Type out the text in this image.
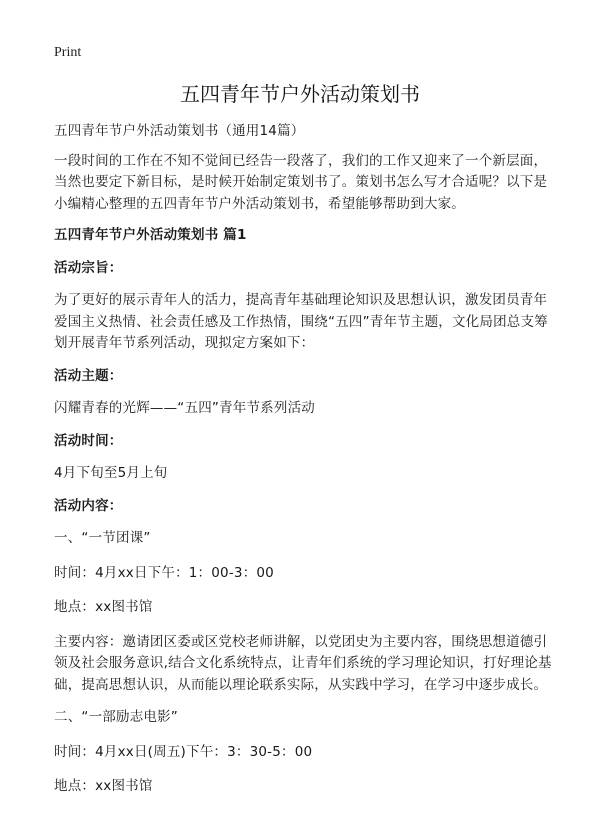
Print
五四青年节户外活动策划书

五四青年节户外活动策划书（通用14篇）

一段时间的工作在不知不觉间已经告一段落了，我们的工作又迎来了一个新层面，当然也要定下新目标，是时候开始制定策划书了。策划书怎么写才合适呢？以下是小编精心整理的五四青年节户外活动策划书，希望能够帮助到大家。

五四青年节户外活动策划书 篇1

活动宗旨：

为了更好的展示青年人的活力，提高青年基础理论知识及思想认识，激发团员青年爱国主义热情、社会责任感及工作热情，围绕“五四”青年节主题，文化局团总支筹划开展青年节系列活动，现拟定方案如下：

活动主题：

闪耀青春的光辉——“五四”青年节系列活动

活动时间：

4月下旬至5月上旬

活动内容：

一、“一节团课”

时间：4月xx日下午：1：00-3：00

地点：xx图书馆

主要内容：邀请团区委或区党校老师讲解，以党团史为主要内容，围绕思想道德引领及社会服务意识,结合文化系统特点，让青年们系统的学习理论知识，打好理论基础，提高思想认识，从而能以理论联系实际，从实践中学习，在学习中逐步成长。

二、“一部励志电影”

时间：4月xx日(周五)下午：3：30-5：00

地点：xx图书馆
